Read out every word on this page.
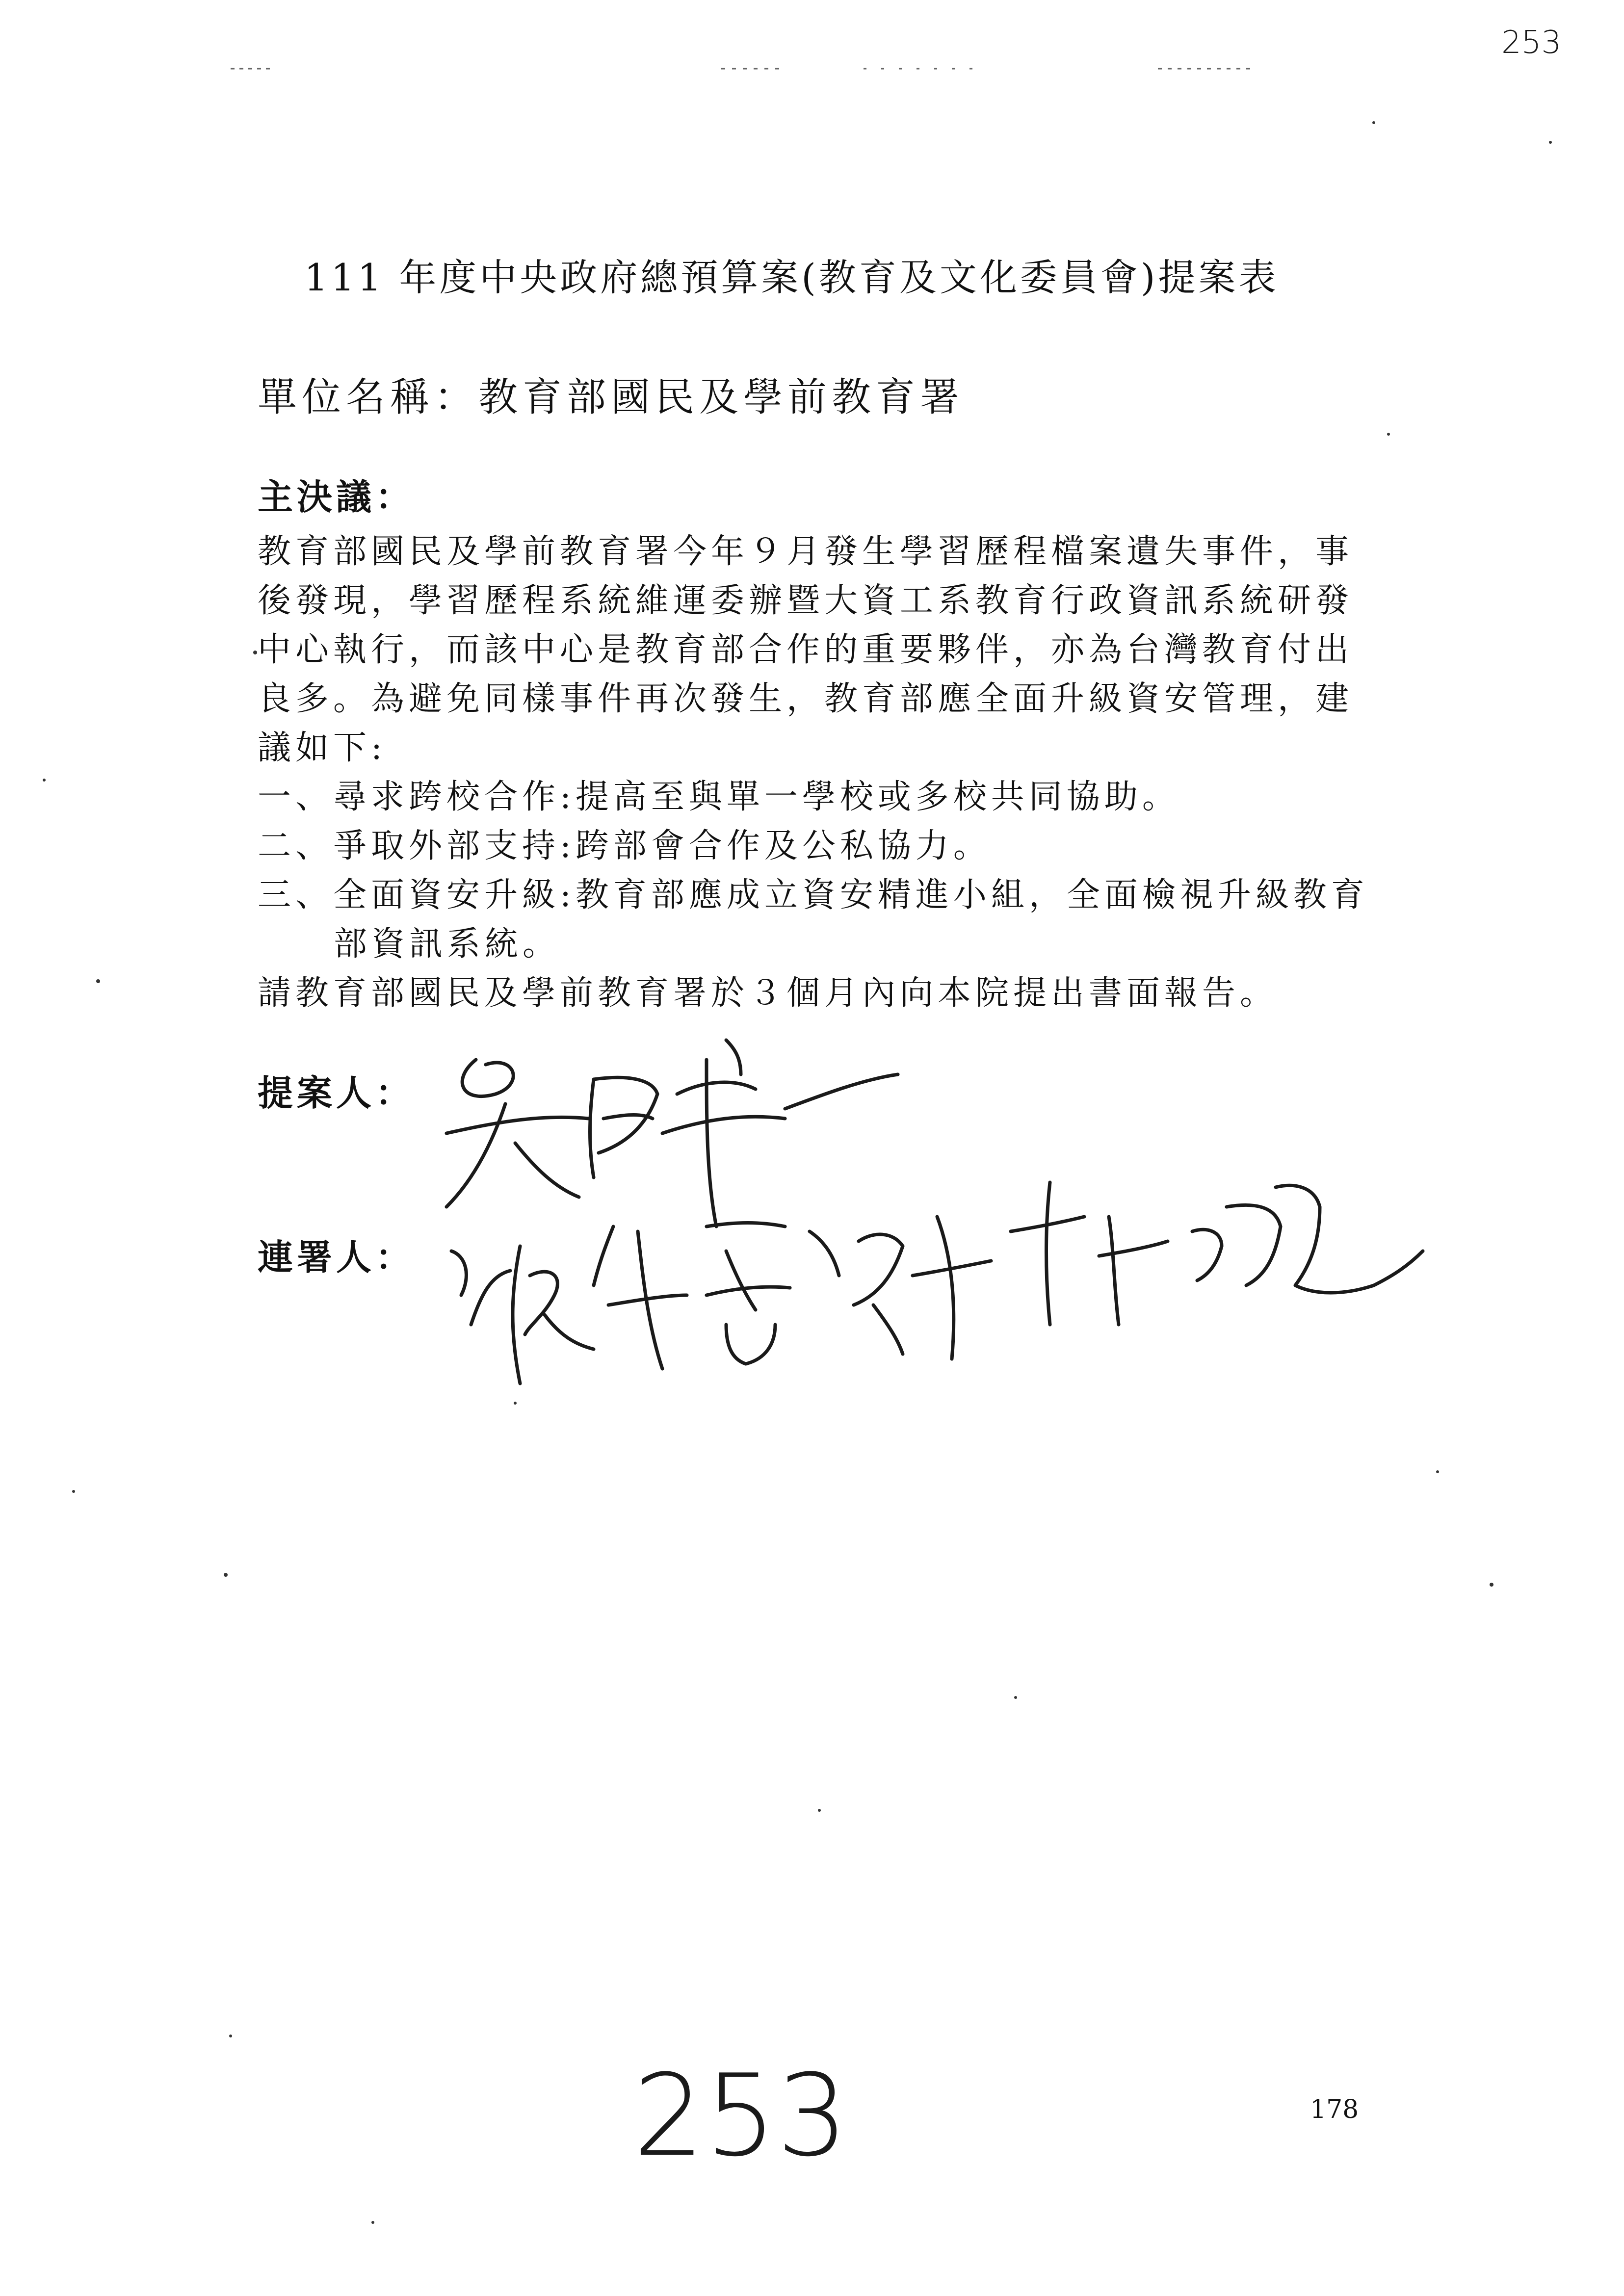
253
111 年度中央政府總預算案(教育及文化委員會)提案表
單位名稱：教育部國民及學前教育署
主決議：

教育部國民及學前教育署今年９月發生學習歷程檔案遺失事件，事後發現，學習歷程系統維運委辦暨大資工系教育行政資訊系統研發中心執行，而該中心是教育部合作的重要夥伴，亦為台灣教育付出良多。為避免同樣事件再次發生，教育部應全面升級資安管理，建議如下:

一、尋求跨校合作:提高至與單一學校或多校共同協助。

二、爭取外部支持:跨部會合作及公私協力。

三、全面資安升級:教育部應成立資安精進小組，全面檢視升級教育部資訊系統。

請教育部國民及學前教育署於３個月內向本院提出書面報告。

提案人：
連署人：
253	178
